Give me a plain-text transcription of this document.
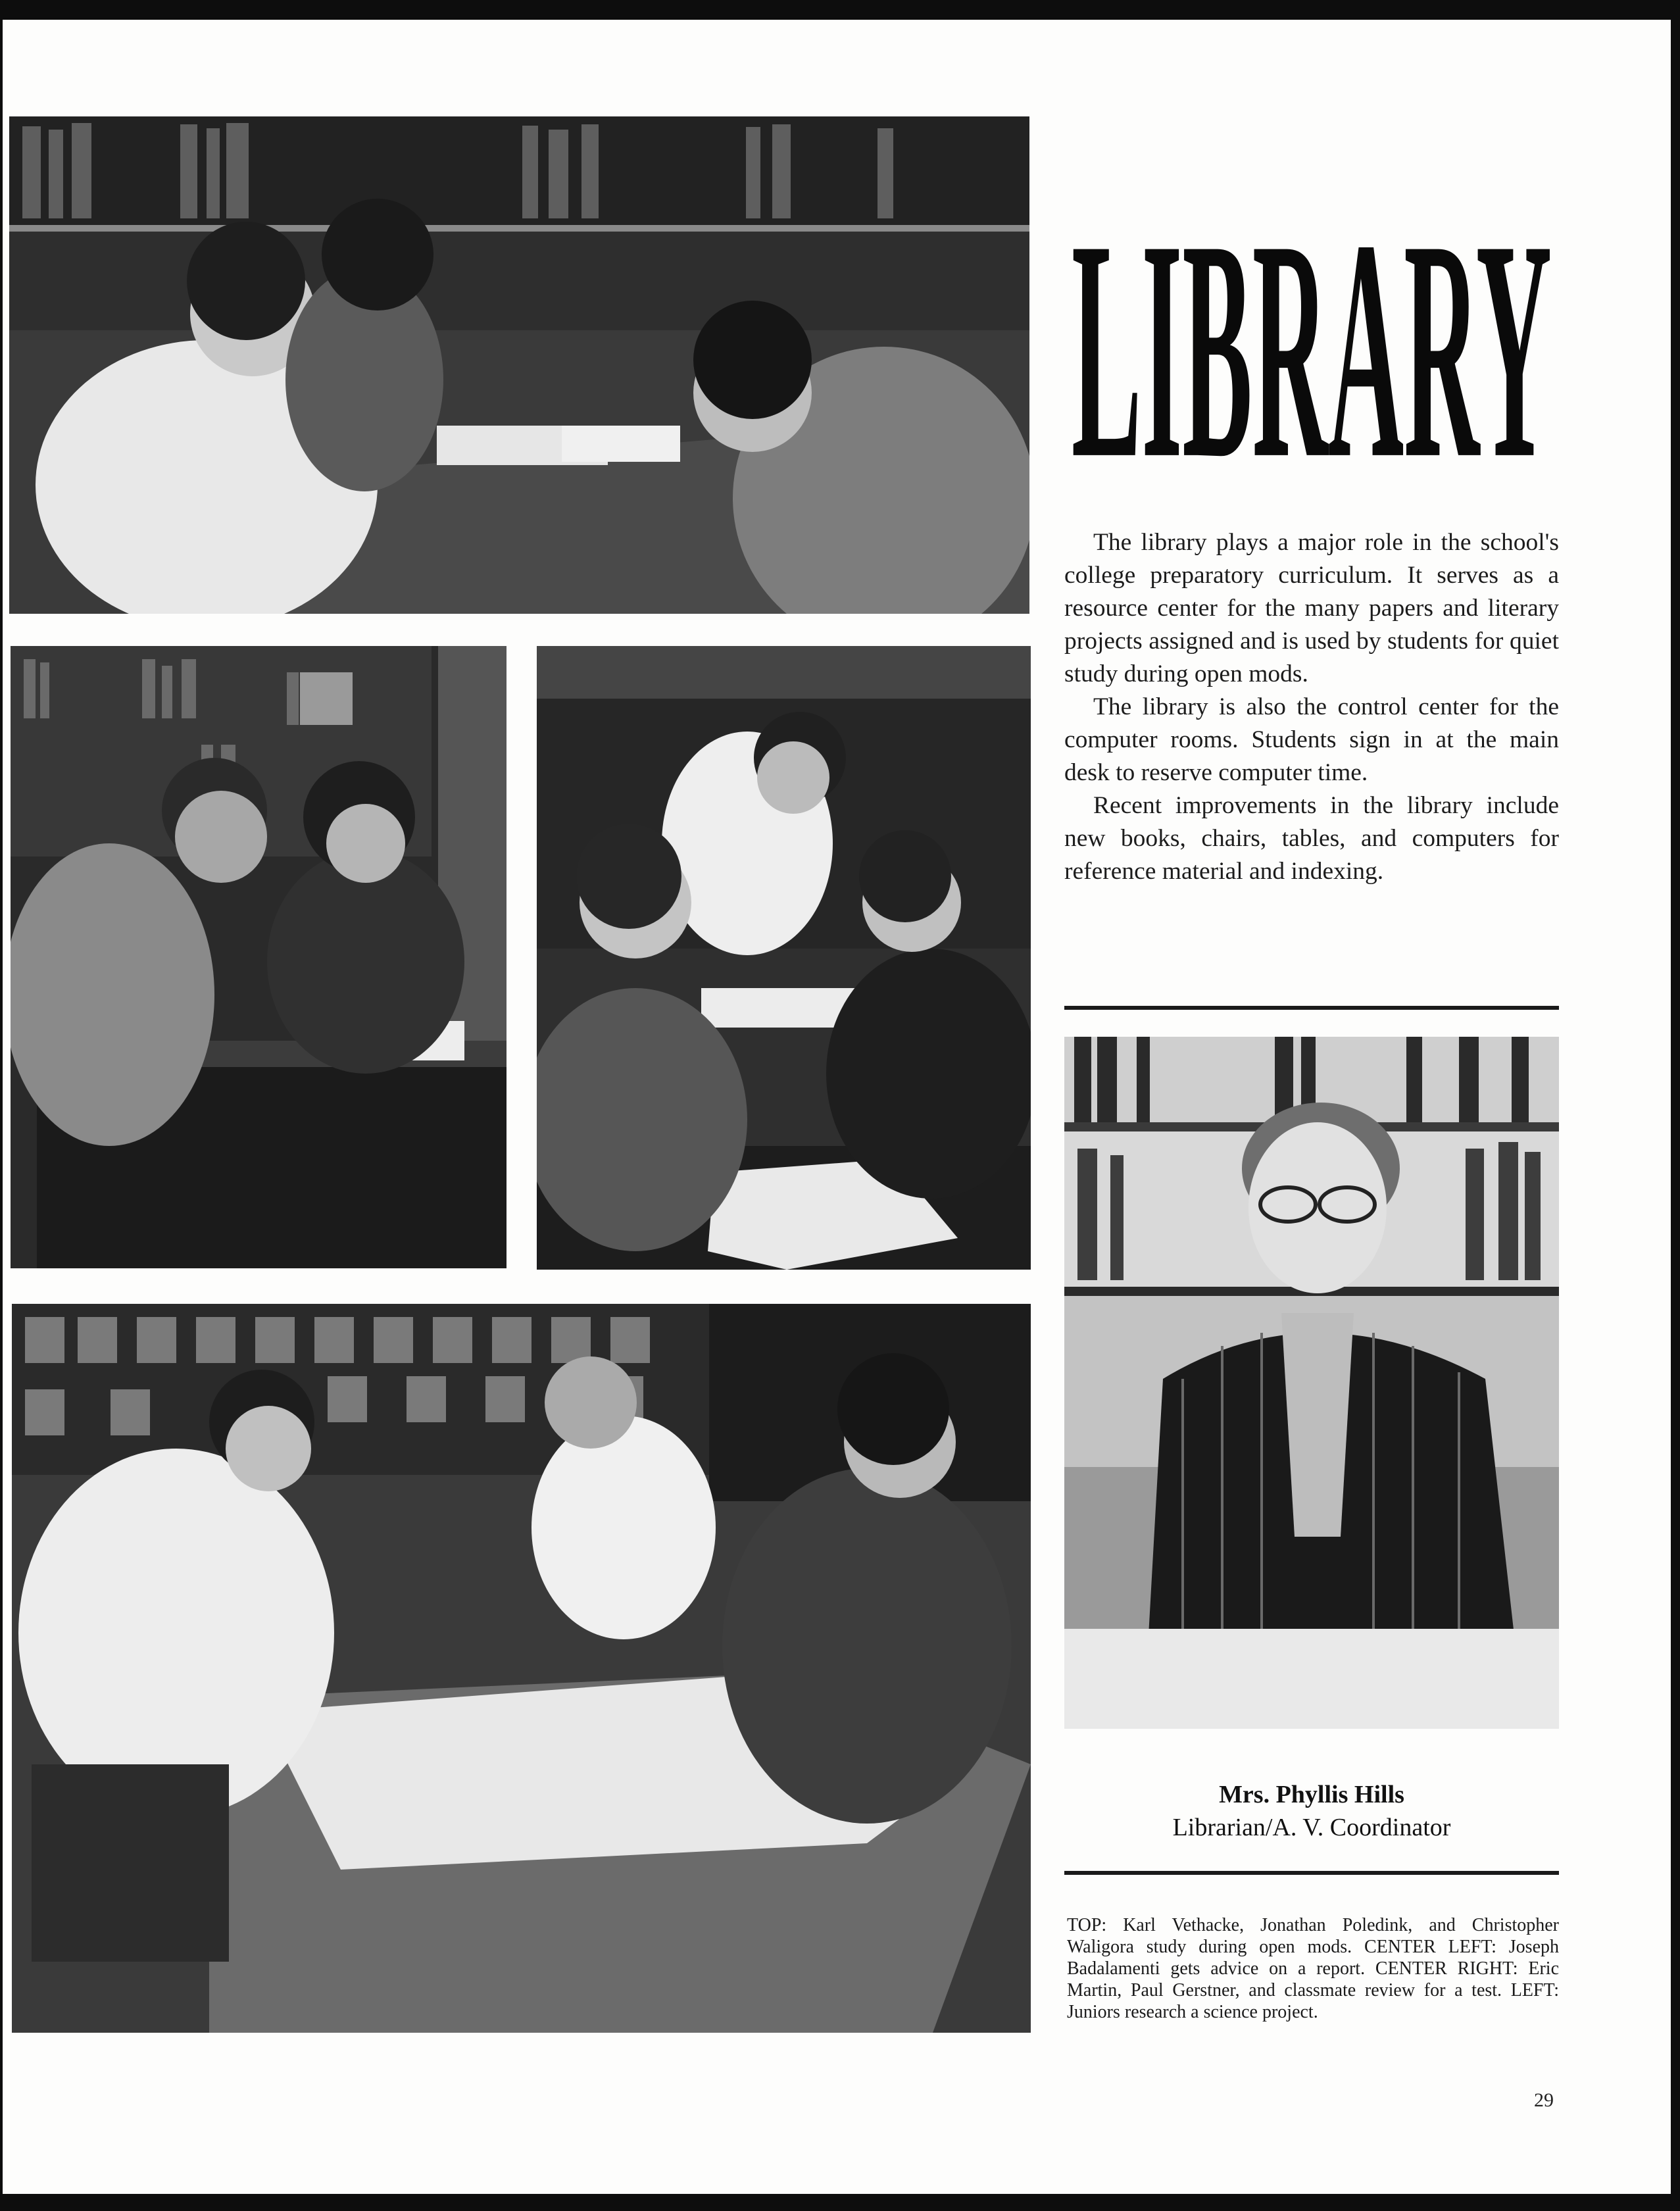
LIBRARY

The library plays a major role in the school's college preparatory curriculum. It serves as a resource center for the many papers and literary projects assigned and is used by students for quiet study during open mods.

The library is also the control center for the computer rooms. Students sign in at the main desk to reserve computer time.

Recent improvements in the library include new books, chairs, tables, and computers for reference material and indexing.

Mrs. Phyllis Hills
Librarian/A. V. Coordinator
TOP: Karl Vethacke, Jonathan Poledink, and Christopher Waligora study during open mods. CENTER LEFT: Joseph Badalamenti gets advice on a report. CENTER RIGHT: Eric Martin, Paul Gerstner, and classmate review for a test. LEFT: Juniors research a science project.
29
